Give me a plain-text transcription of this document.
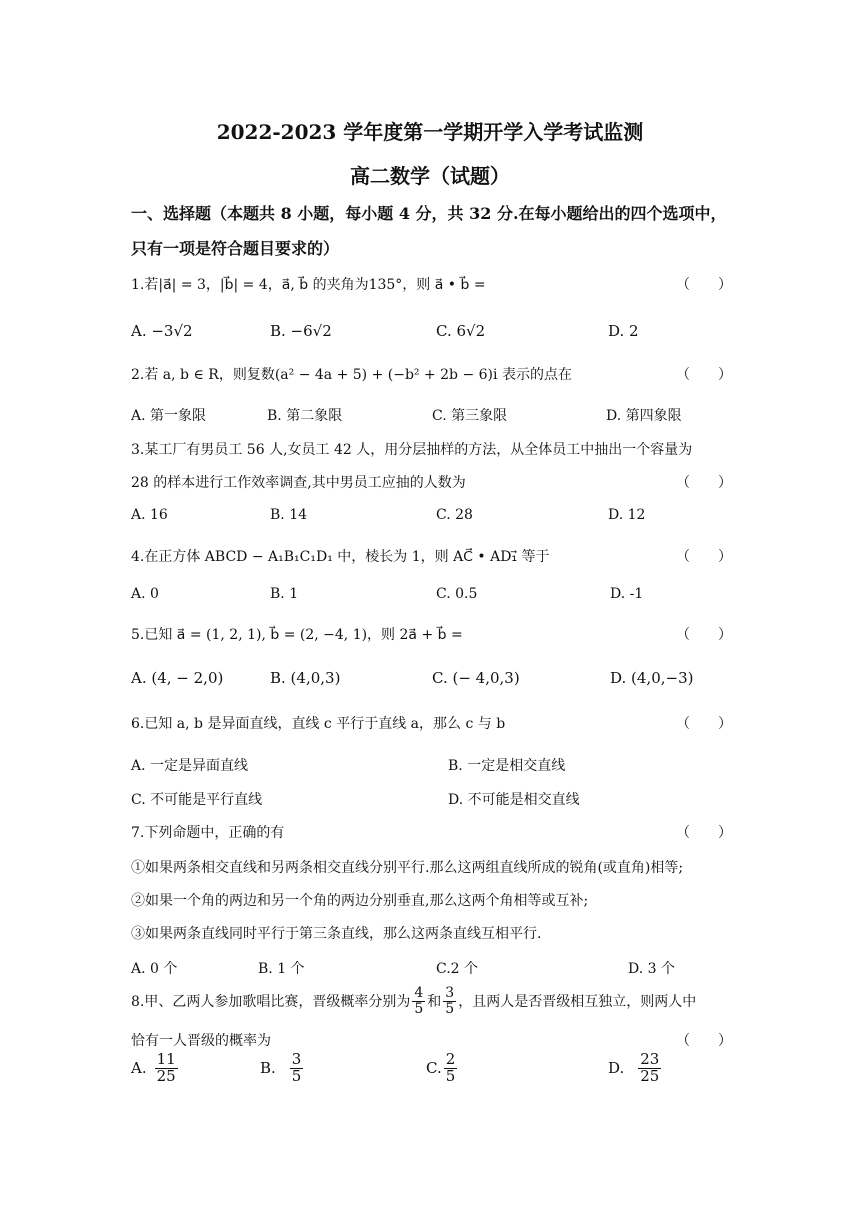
2022-2023 学年度第一学期开学入学考试监测
高二数学（试题）
一、选择题（本题共 8 小题，每小题 4 分，共 32 分.在每小题给出的四个选项中，
只有一项是符合题目要求的）
1.若|a⃗| = 3，|b⃗| = 4，a⃗, b⃗ 的夹角为135°，则 a⃗ • b⃗ =	（　　）
A. −3√2	B. −6√2	C. 6√2	D. 2
2.若 a, b ∈ R，则复数(a² − 4a + 5) + (−b² + 2b − 6)i 表示的点在	（　　）
A. 第一象限	B. 第二象限	C. 第三象限	D. 第四象限
3.某工厂有男员工 56 人,女员工 42 人，用分层抽样的方法，从全体员工中抽出一个容量为
28 的样本进行工作效率调查,其中男员工应抽的人数为	（　　）
A. 16	B. 14	C. 28	D. 12
4.在正方体 ABCD − A₁B₁C₁D₁ 中，棱长为 1，则 AC⃗ • AD₁⃗ 等于	（　　）
A. 0	B. 1	C. 0.5	D. -1
5.已知 a⃗ = (1, 2, 1), b⃗ = (2, −4, 1)，则 2a⃗ + b⃗ =	（　　）
A. (4, − 2,0)	B. (4,0,3)	C. (− 4,0,3)	D. (4,0,−3)
6.已知 a, b 是异面直线，直线 c 平行于直线 a，那么 c 与 b	（　　）
A. 一定是异面直线	B. 一定是相交直线
C. 不可能是平行直线	D. 不可能是相交直线
7.下列命题中，正确的有	（　　）
①如果两条相交直线和另两条相交直线分别平行.那么这两组直线所成的锐角(或直角)相等;
②如果一个角的两边和另一个角的两边分别垂直,那么这两个角相等或互补;
③如果两条直线同时平行于第三条直线，那么这两条直线互相平行.
A. 0 个	B. 1 个	C.2 个	D. 3 个
8.甲、乙两人参加歌唱比赛，晋级概率分别为 $\frac{4}{5}$ 和 $\frac{3}{5}$ ，且两人是否晋级相互独立，则两人中
恰有一人晋级的概率为	（　　）
A. $\frac{11}{25}$	B. $\frac{3}{5}$	C. $\frac{2}{5}$	D. $\frac{23}{25}$
